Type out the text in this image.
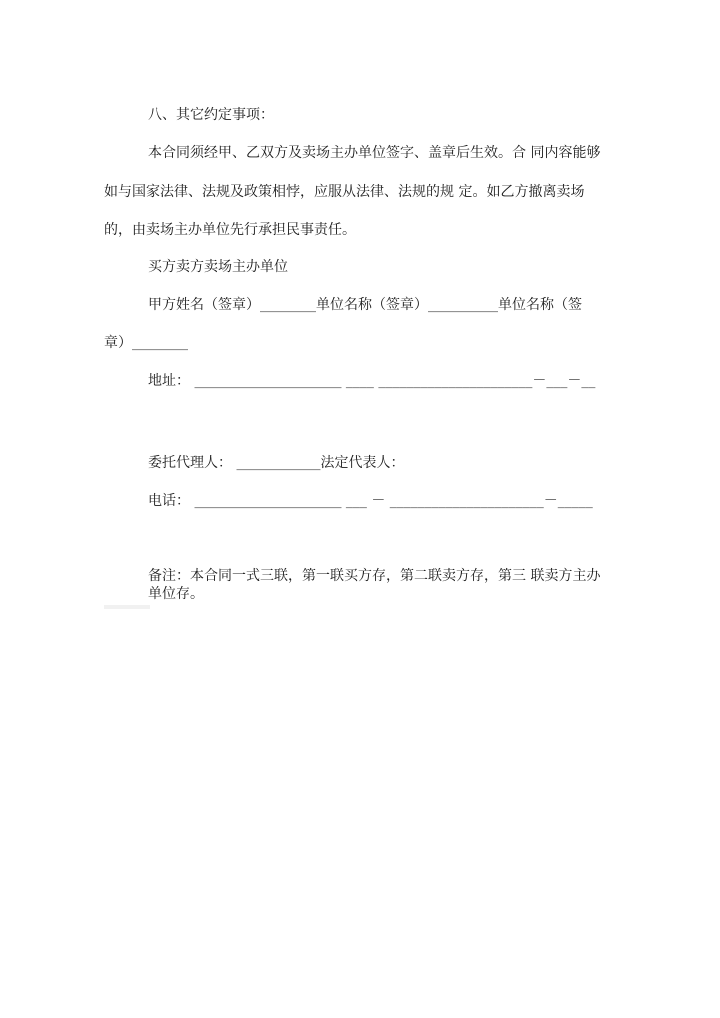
八、其它约定事项：
本合同须经甲、乙双方及卖场主办单位签字、盖章后生效。合 同内容能够
如与国家法律、法规及政策相悖，应服从法律、法规的规 定。如乙方撤离卖场
的，由卖场主办单位先行承担民事责任。
买方卖方卖场主办单位
甲方姓名（签章）________单位名称（签章）__________单位名称（签
章）________
地址： _____________________ ____ ______________________－___－__
委托代理人： ____________法定代表人：
电话： _____________________ ___ － ______________________－_____
备注：本合同一式三联，第一联买方存，第二联卖方存，第三 联卖方主办
单位存。
